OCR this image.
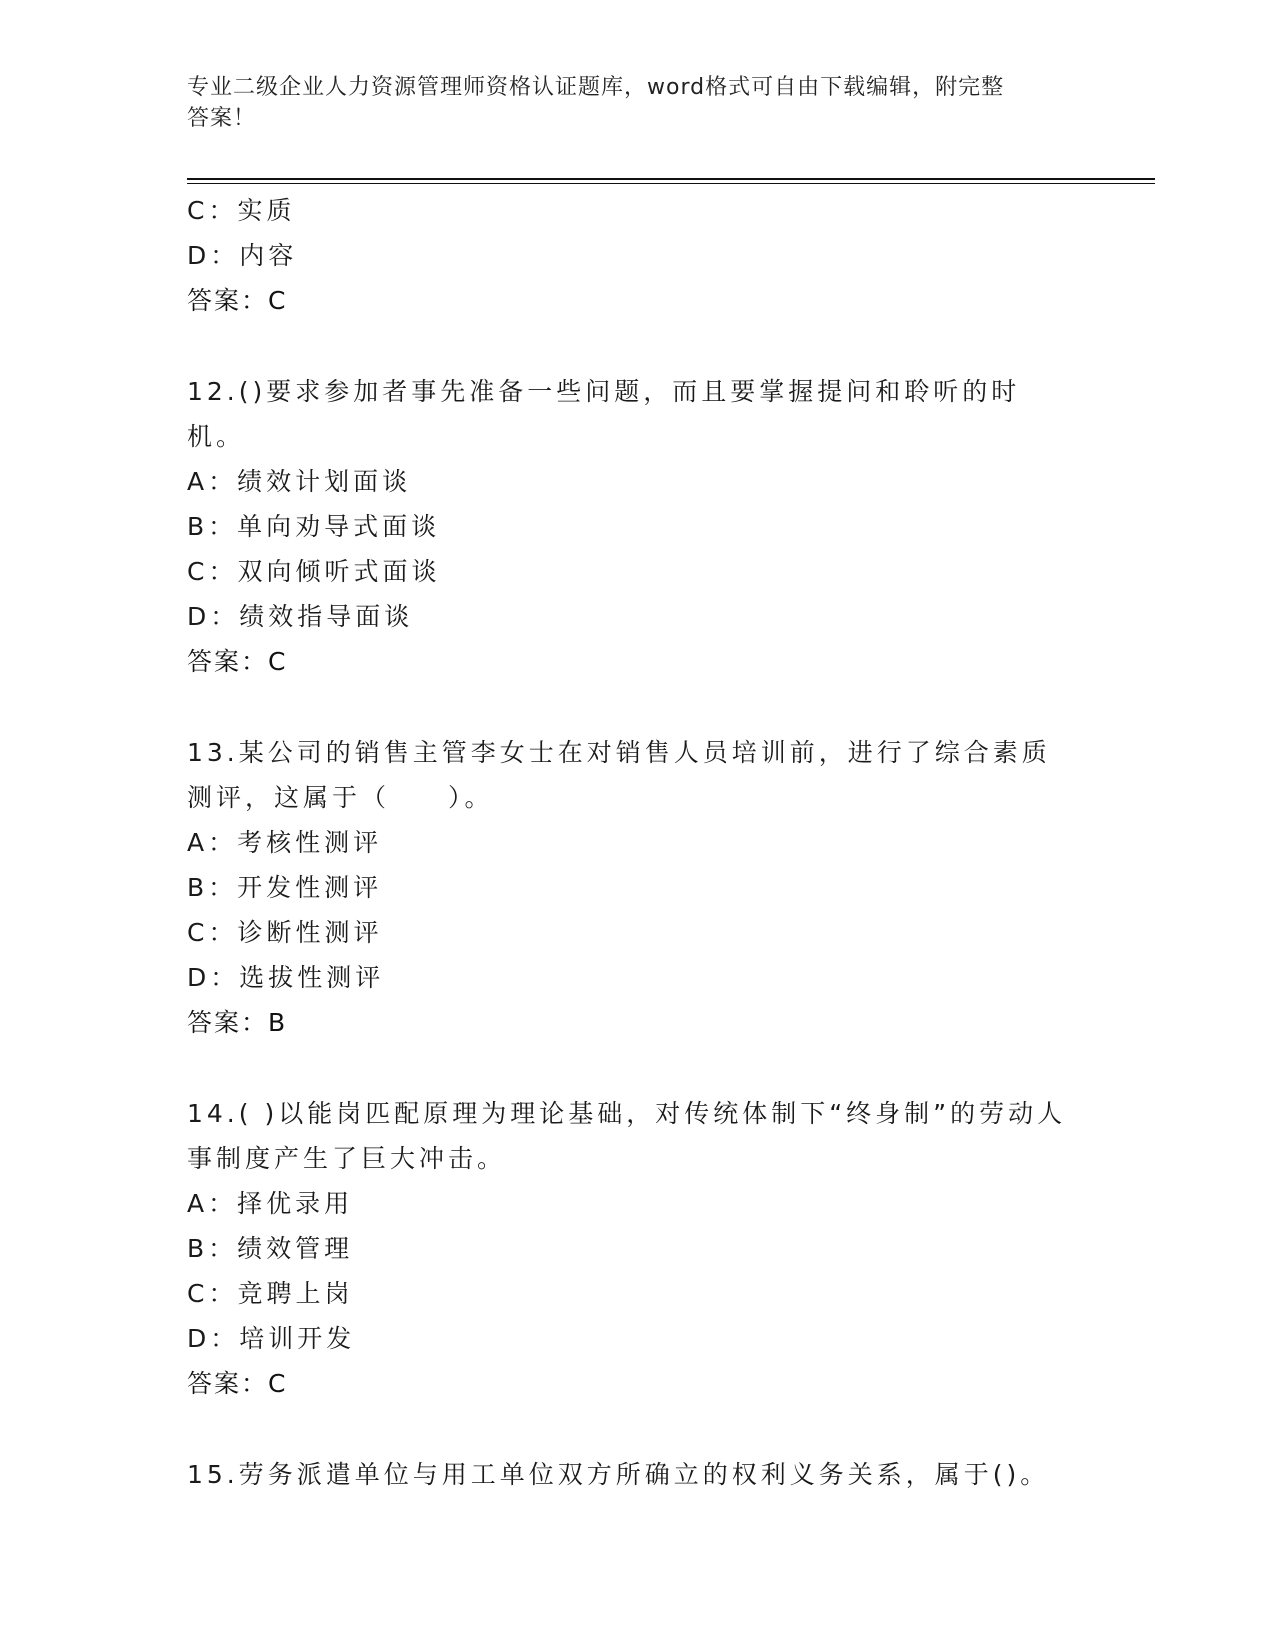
专业二级企业人力资源管理师资格认证题库，word格式可自由下载编辑，附完整
答案！
C：实质
D：内容
答案：C
12.()要求参加者事先准备一些问题，而且要掌握提问和聆听的时机。
A：绩效计划面谈
B：单向劝导式面谈
C：双向倾听式面谈
D：绩效指导面谈
答案：C
13.某公司的销售主管李女士在对销售人员培训前，进行了综合素质测评，这属于（　　）。
A：考核性测评
B：开发性测评
C：诊断性测评
D：选拔性测评
答案：B
14.( )以能岗匹配原理为理论基础，对传统体制下“终身制”的劳动人事制度产生了巨大冲击。
A：择优录用
B：绩效管理
C：竞聘上岗
D：培训开发
答案：C
15.劳务派遣单位与用工单位双方所确立的权利义务关系，属于()。
